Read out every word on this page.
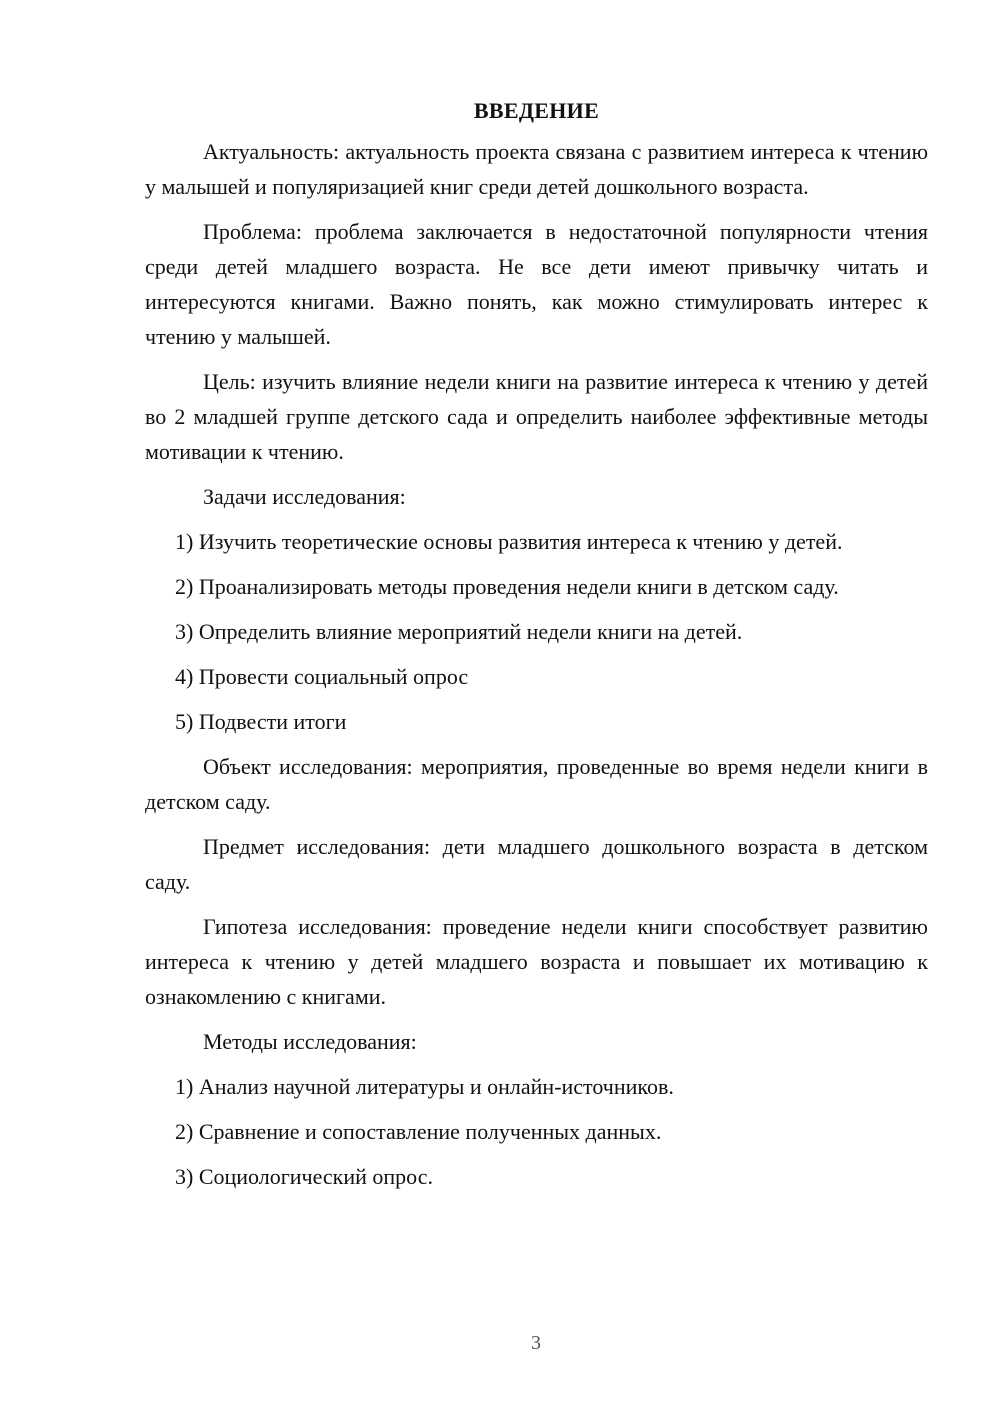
ВВЕДЕНИЕ

Актуальность: актуальность проекта связана с развитием интереса к чтению у малышей и популяризацией книг среди детей дошкольного возраста.

Проблема: проблема заключается в недостаточной популярности чтения среди детей младшего возраста. Не все дети имеют привычку читать и интересуются книгами. Важно понять, как можно стимулировать интерес к чтению у малышей.

Цель: изучить влияние недели книги на развитие интереса к чтению у детей во 2 младшей группе детского сада и определить наиболее эффективные методы мотивации к чтению.

Задачи исследования:
1) Изучить теоретические основы развития интереса к чтению у детей.
2) Проанализировать методы проведения недели книги в детском саду.
3) Определить влияние мероприятий недели книги на детей.
4) Провести социальный опрос
5) Подвести итоги

Объект исследования: мероприятия, проведенные во время недели книги в детском саду.

Предмет исследования: дети младшего дошкольного возраста в детском саду.

Гипотеза исследования: проведение недели книги способствует развитию интереса к чтению у детей младшего возраста и повышает их мотивацию к ознакомлению с книгами.

Методы исследования:
1) Анализ научной литературы и онлайн-источников.
2) Сравнение и сопоставление полученных данных.
3) Социологический опрос.
3
